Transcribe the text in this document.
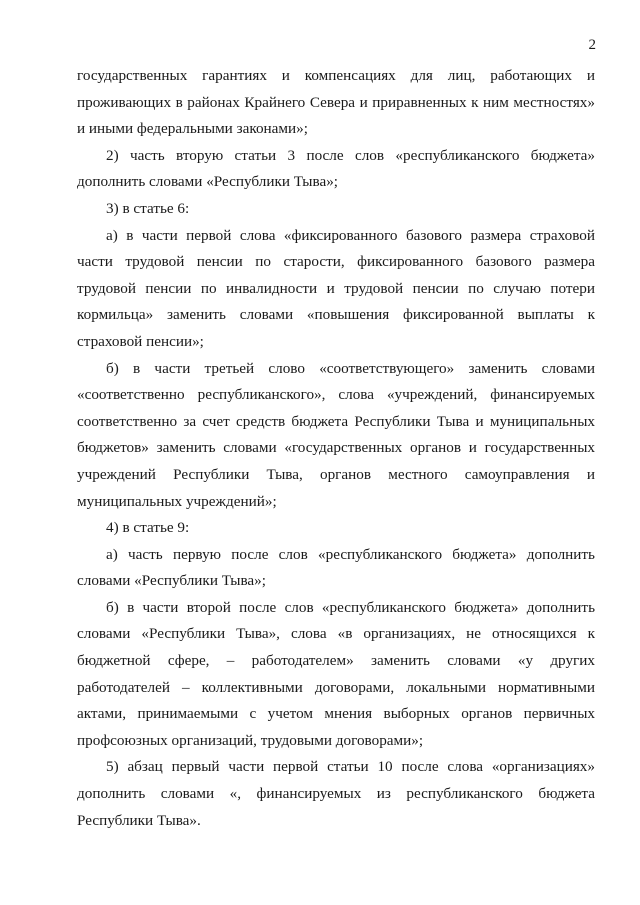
2

государственных гарантиях и компенсациях для лиц, работающих и проживающих в районах Крайнего Севера и приравненных к ним местностях» и иными федеральными законами»;

2) часть вторую статьи 3 после слов «республиканского бюджета» дополнить словами «Республики Тыва»;

3) в статье 6:

а) в части первой слова «фиксированного базового размера страховой части трудовой пенсии по старости, фиксированного базового размера трудовой пенсии по инвалидности и трудовой пенсии по случаю потери кормильца» заменить словами «повышения фиксированной выплаты к страховой пенсии»;

б) в части третьей слово «соответствующего» заменить словами «соответственно республиканского», слова «учреждений, финансируемых соответственно за счет средств бюджета Республики Тыва и муниципальных бюджетов» заменить словами «государственных органов и государственных учреждений Республики Тыва, органов местного самоуправления и муниципальных учреждений»;

4) в статье 9:

а) часть первую после слов «республиканского бюджета» дополнить словами «Республики Тыва»;

б) в части второй после слов «республиканского бюджета» дополнить словами «Республики Тыва», слова «в организациях, не относящихся к бюджетной сфере, – работодателем» заменить словами «у других работодателей – коллективными договорами, локальными нормативными актами, принимаемыми с учетом мнения выборных органов первичных профсоюзных организаций, трудовыми договорами»;

5) абзац первый части первой статьи 10 после слова «организациях» дополнить словами «, финансируемых из республиканского бюджета Республики Тыва».
